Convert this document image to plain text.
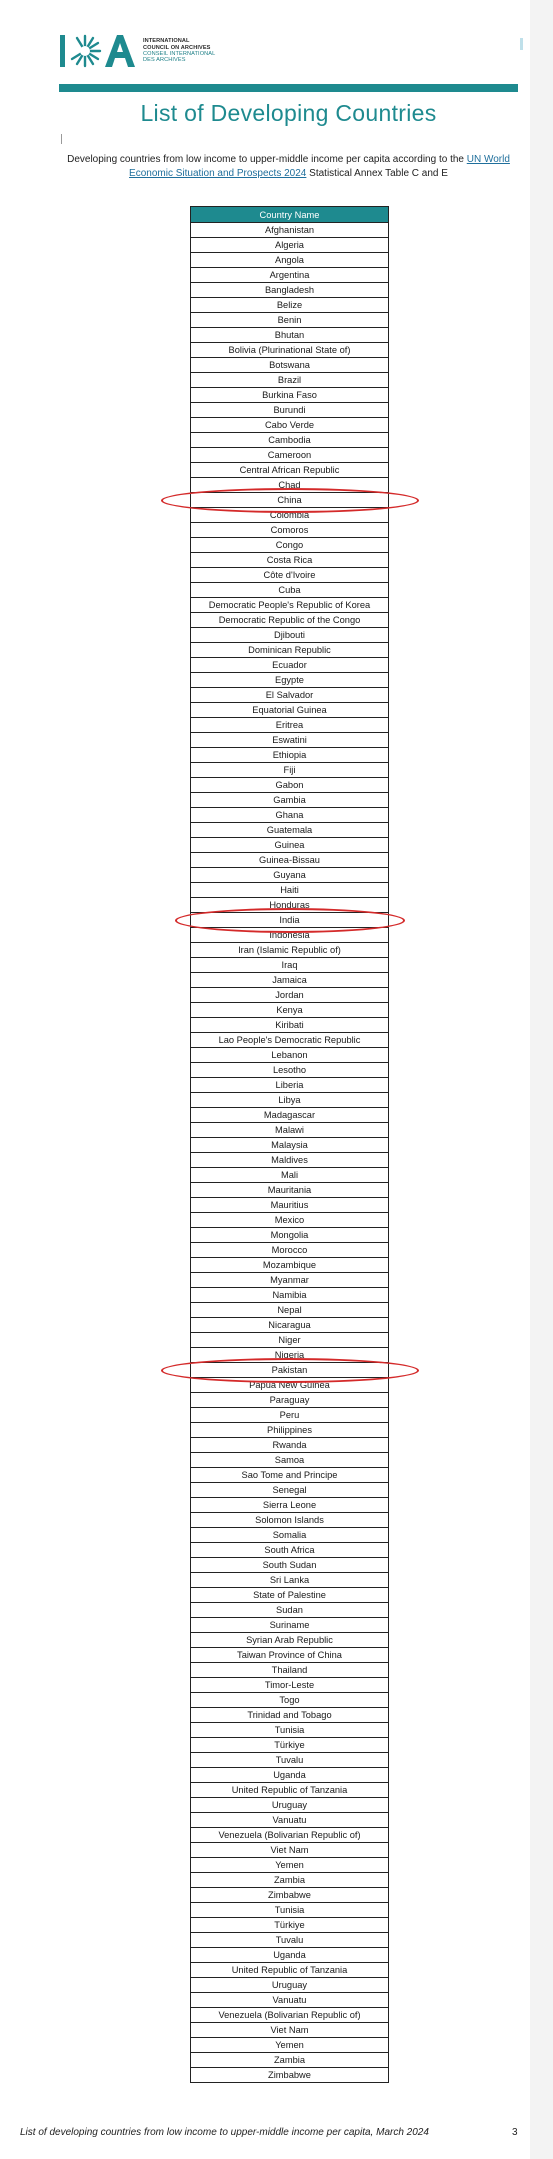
INTERNATIONAL
COUNCIL ON ARCHIVES
CONSEIL INTERNATIONAL
DES ARCHIVES
List of Developing Countries
Developing countries from low income to upper-middle income per capita according to the UN World Economic Situation and Prospects 2024 Statistical Annex Table C and E
Country Name
Afghanistan
Algeria
Angola
Argentina
Bangladesh
Belize
Benin
Bhutan
Bolivia (Plurinational State of)
Botswana
Brazil
Burkina Faso
Burundi
Cabo Verde
Cambodia
Cameroon
Central African Republic
Chad
China
Colombia
Comoros
Congo
Costa Rica
Côte d'Ivoire
Cuba
Democratic People's Republic of Korea
Democratic Republic of the Congo
Djibouti
Dominican Republic
Ecuador
Egypte
El Salvador
Equatorial Guinea
Eritrea
Eswatini
Ethiopia
Fiji
Gabon
Gambia
Ghana
Guatemala
Guinea
Guinea-Bissau
Guyana
Haiti
Honduras
India
Indonesia
Iran (Islamic Republic of)
Iraq
Jamaica
Jordan
Kenya
Kiribati
Lao People's Democratic Republic
Lebanon
Lesotho
Liberia
Libya
Madagascar
Malawi
Malaysia
Maldives
Mali
Mauritania
Mauritius
Mexico
Mongolia
Morocco
Mozambique
Myanmar
Namibia
Nepal
Nicaragua
Niger
Nigeria
Pakistan
Papua New Guinea
Paraguay
Peru
Philippines
Rwanda
Samoa
Sao Tome and Principe
Senegal
Sierra Leone
Solomon Islands
Somalia
South Africa
South Sudan
Sri Lanka
State of Palestine
Sudan
Suriname
Syrian Arab Republic
Taiwan Province of China
Thailand
Timor-Leste
Togo
Trinidad and Tobago
Tunisia
Türkiye
Tuvalu
Uganda
United Republic of Tanzania
Uruguay
Vanuatu
Venezuela (Bolivarian Republic of)
Viet Nam
Yemen
Zambia
Zimbabwe
Tunisia
Türkiye
Tuvalu
Uganda
United Republic of Tanzania
Uruguay
Vanuatu
Venezuela (Bolivarian Republic of)
Viet Nam
Yemen
Zambia
Zimbabwe
List of developing countries from low income to upper-middle income per capita, March 2024	3
